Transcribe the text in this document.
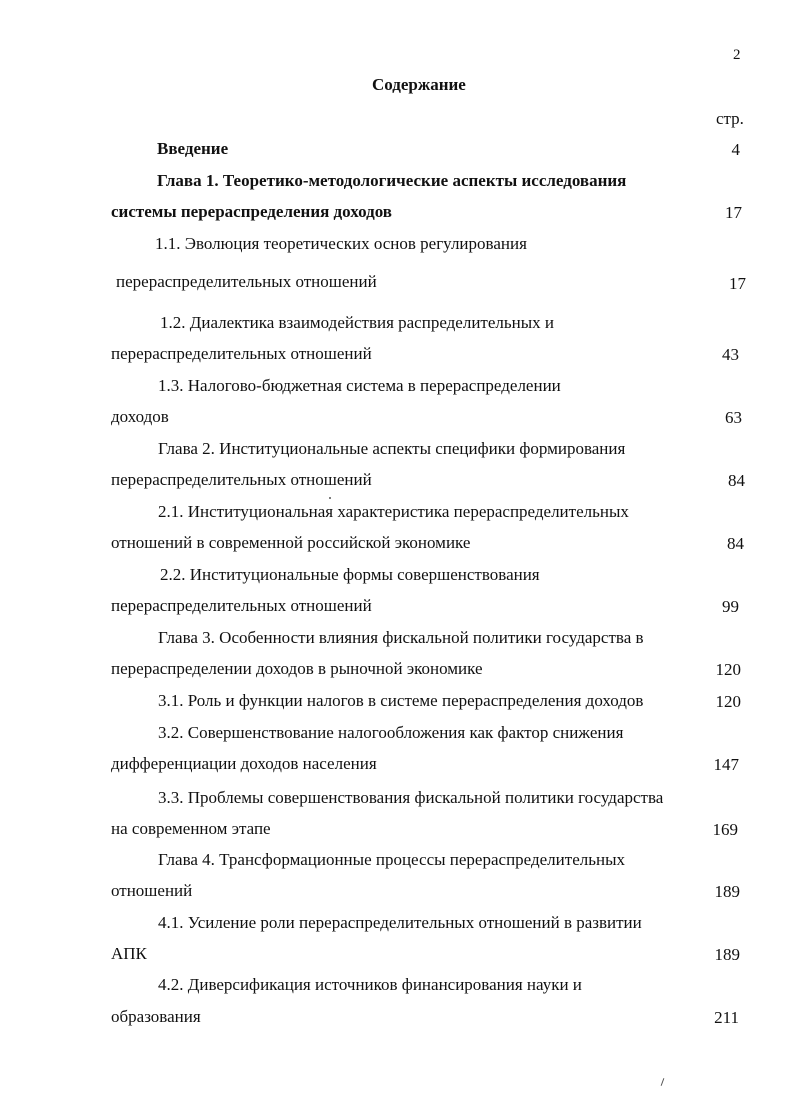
2
Содержание
стр.
Введение	4
Глава 1. Теоретико-методологические аспекты исследования
системы перераспределения доходов	17
1.1. Эволюция теоретических основ регулирования
перераспределительных отношений	17
1.2. Диалектика взаимодействия распределительных и
перераспределительных отношений	43
1.3. Налогово-бюджетная система в перераспределении
доходов	63
Глава 2. Институциональные аспекты специфики формирования
перераспределительных отношений	84
2.1. Институциональная характеристика перераспределительных
отношений в современной российской экономике	84
2.2. Институциональные формы совершенствования
перераспределительных отношений	99
Глава 3. Особенности влияния фискальной политики государства в
перераспределении доходов в рыночной экономике	120
3.1. Роль и функции налогов в системе перераспределения доходов	120
3.2. Совершенствование налогообложения как фактор снижения
дифференциации доходов населения	147
3.3. Проблемы совершенствования фискальной политики государства
на современном этапе	169
Глава 4. Трансформационные процессы перераспределительных
отношений	189
4.1. Усиление роли перераспределительных отношений в развитии
АПК	189
4.2. Диверсификация источников финансирования науки и
образования	211
